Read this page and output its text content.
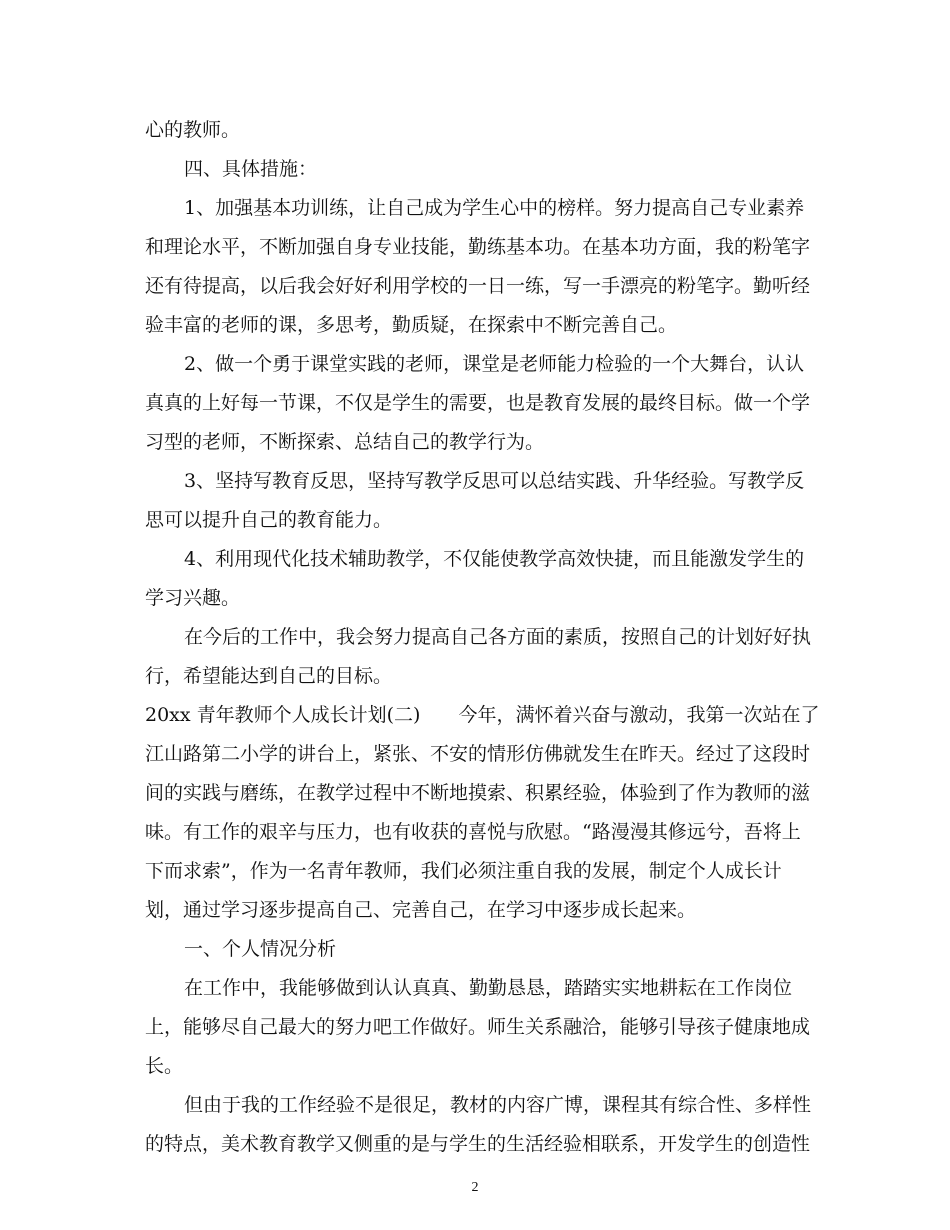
心的教师。
四、具体措施：
1、加强基本功训练，让自己成为学生心中的榜样。努力提高自己专业素养
和理论水平，不断加强自身专业技能，勤练基本功。在基本功方面，我的粉笔字
还有待提高，以后我会好好利用学校的一日一练，写一手漂亮的粉笔字。勤听经
验丰富的老师的课，多思考，勤质疑，在探索中不断完善自己。
2、做一个勇于课堂实践的老师，课堂是老师能力检验的一个大舞台，认认
真真的上好每一节课，不仅是学生的需要，也是教育发展的最终目标。做一个学
习型的老师，不断探索、总结自己的教学行为。
3、坚持写教育反思，坚持写教学反思可以总结实践、升华经验。写教学反
思可以提升自己的教育能力。
4、利用现代化技术辅助教学，不仅能使教学高效快捷，而且能激发学生的
学习兴趣。
在今后的工作中，我会努力提高自己各方面的素质，按照自己的计划好好执
行，希望能达到自己的目标。
20xx 青年教师个人成长计划(二)　　今年，满怀着兴奋与激动，我第一次站在了
江山路第二小学的讲台上，紧张、不安的情形仿佛就发生在昨天。经过了这段时
间的实践与磨练，在教学过程中不断地摸索、积累经验，体验到了作为教师的滋
味。有工作的艰辛与压力，也有收获的喜悦与欣慰。“路漫漫其修远兮，吾将上
下而求索”，作为一名青年教师，我们必须注重自我的发展，制定个人成长计
划，通过学习逐步提高自己、完善自己，在学习中逐步成长起来。
一、个人情况分析
在工作中，我能够做到认认真真、勤勤恳恳，踏踏实实地耕耘在工作岗位
上，能够尽自己最大的努力吧工作做好。师生关系融洽，能够引导孩子健康地成
长。
但由于我的工作经验不是很足，教材的内容广博，课程其有综合性、多样性
的特点，美术教育教学又侧重的是与学生的生活经验相联系，开发学生的创造性
2
